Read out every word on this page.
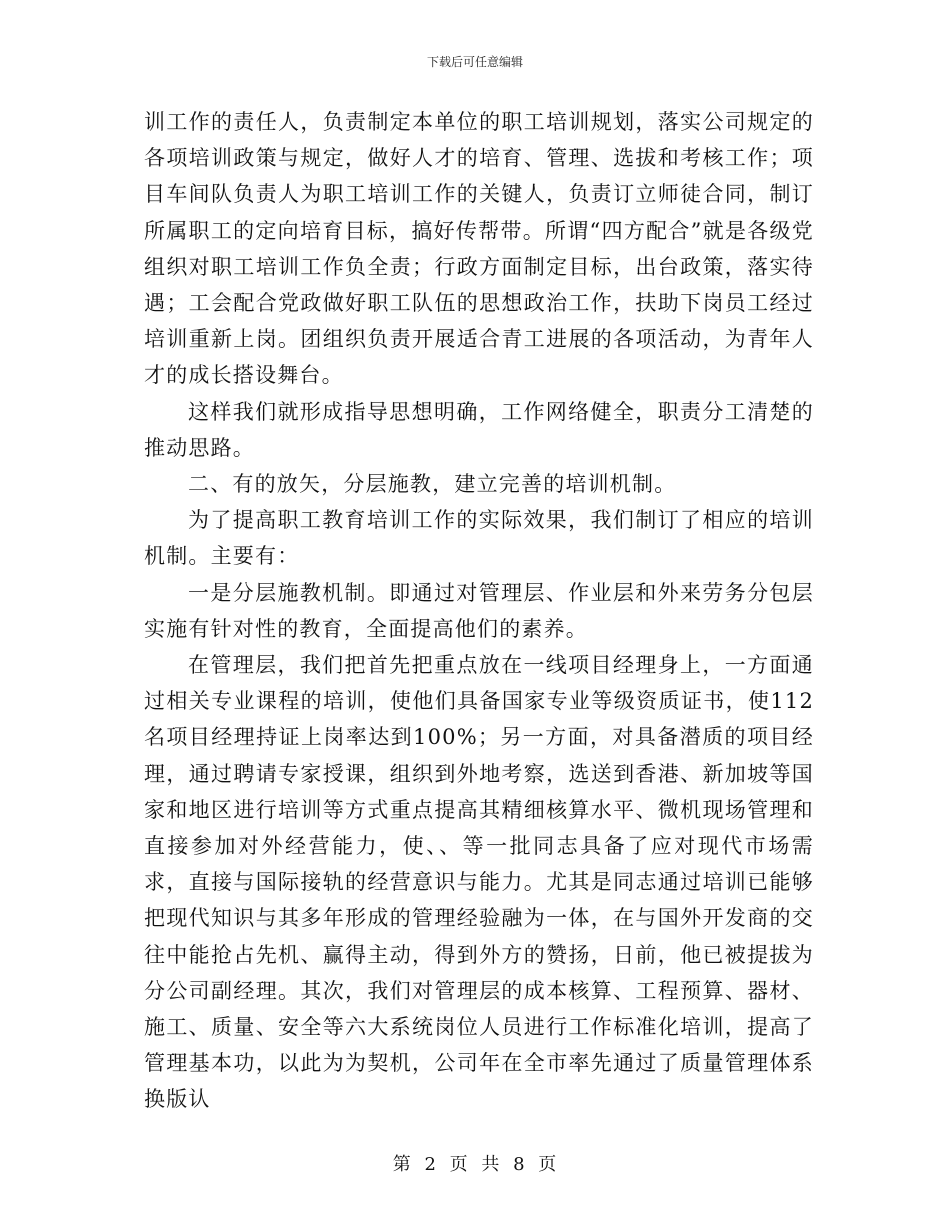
下载后可任意编辑

训工作的责任人，负责制定本单位的职工培训规划，落实公司规定的各项培训政策与规定，做好人才的培育、管理、选拔和考核工作；项目车间队负责人为职工培训工作的关键人，负责订立师徒合同，制订所属职工的定向培育目标，搞好传帮带。所谓“四方配合”就是各级党组织对职工培训工作负全责；行政方面制定目标，出台政策，落实待遇；工会配合党政做好职工队伍的思想政治工作，扶助下岗员工经过培训重新上岗。团组织负责开展适合青工进展的各项活动，为青年人才的成长搭设舞台。

这样我们就形成指导思想明确，工作网络健全，职责分工清楚的推动思路。

二、有的放矢，分层施教，建立完善的培训机制。

为了提高职工教育培训工作的实际效果，我们制订了相应的培训机制。主要有：

一是分层施教机制。即通过对管理层、作业层和外来劳务分包层实施有针对性的教育，全面提高他们的素养。

在管理层，我们把首先把重点放在一线项目经理身上，一方面通过相关专业课程的培训，使他们具备国家专业等级资质证书，使112名项目经理持证上岗率达到100%；另一方面，对具备潜质的项目经理，通过聘请专家授课，组织到外地考察，选送到香港、新加坡等国家和地区进行培训等方式重点提高其精细核算水平、微机现场管理和直接参加对外经营能力，使、、等一批同志具备了应对现代市场需求，直接与国际接轨的经营意识与能力。尤其是同志通过培训已能够把现代知识与其多年形成的管理经验融为一体，在与国外开发商的交往中能抢占先机、赢得主动，得到外方的赞扬，日前，他已被提拔为分公司副经理。其次，我们对管理层的成本核算、工程预算、器材、施工、质量、安全等六大系统岗位人员进行工作标准化培训，提高了管理基本功，以此为为契机，公司年在全市率先通过了质量管理体系换版认

第 2 页 共 8 页
